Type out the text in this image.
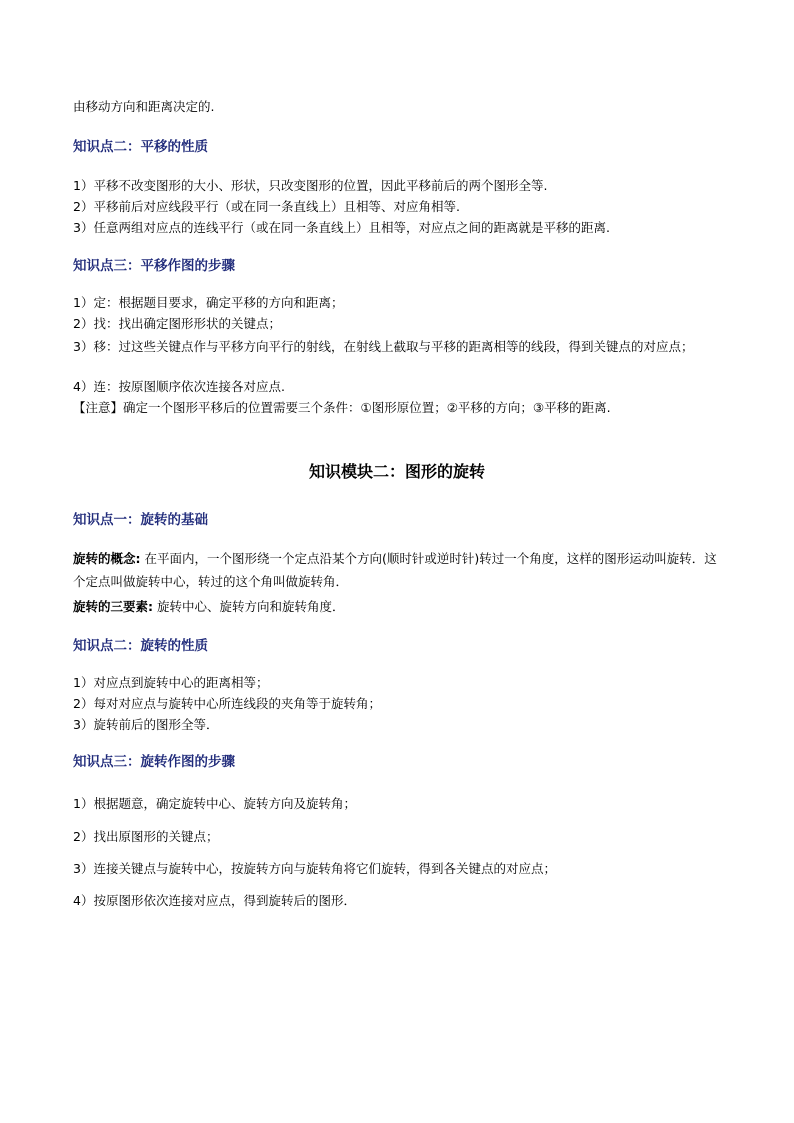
由移动方向和距离决定的.
知识点二：平移的性质
1）平移不改变图形的大小、形状，只改变图形的位置，因此平移前后的两个图形全等.
2）平移前后对应线段平行（或在同一条直线上）且相等、对应角相等.
3）任意两组对应点的连线平行（或在同一条直线上）且相等，对应点之间的距离就是平移的距离.
知识点三：平移作图的步骤
1）定：根据题目要求，确定平移的方向和距离；
2）找：找出确定图形形状的关键点；
3）移：过这些关键点作与平移方向平行的射线，在射线上截取与平移的距离相等的线段，得到关键点的对应点；
4）连：按原图顺序依次连接各对应点.
【注意】确定一个图形平移后的位置需要三个条件：①图形原位置；②平移的方向；③平移的距离.
知识模块二：图形的旋转
知识点一：旋转的基础
旋转的概念: 在平面内，一个图形绕一个定点沿某个方向(顺时针或逆时针)转过一个角度，这样的图形运动叫旋转．这个定点叫做旋转中心，转过的这个角叫做旋转角．
旋转的三要素: 旋转中心、旋转方向和旋转角度．
知识点二：旋转的性质
1）对应点到旋转中心的距离相等；
2）每对对应点与旋转中心所连线段的夹角等于旋转角；
3）旋转前后的图形全等．
知识点三：旋转作图的步骤
1）根据题意，确定旋转中心、旋转方向及旋转角；
2）找出原图形的关键点；
3）连接关键点与旋转中心，按旋转方向与旋转角将它们旋转，得到各关键点的对应点；
4）按原图形依次连接对应点，得到旋转后的图形．
